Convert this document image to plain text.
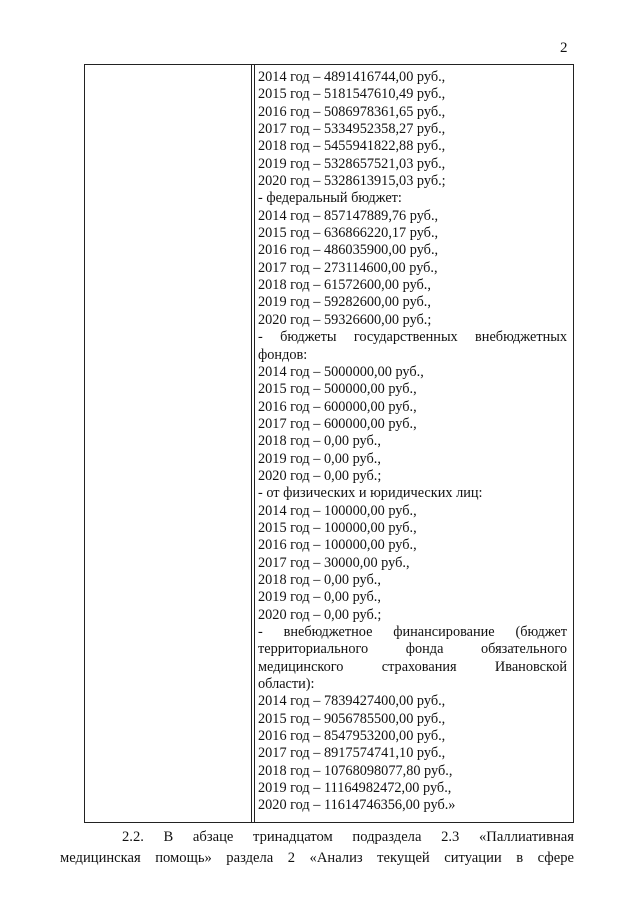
2
2014 год – 4891416744,00 руб.,
2015 год – 5181547610,49 руб.,
2016 год – 5086978361,65 руб.,
2017 год – 5334952358,27 руб.,
2018 год – 5455941822,88 руб.,
2019 год – 5328657521,03 руб.,
2020 год – 5328613915,03 руб.;
- федеральный бюджет:
2014 год – 857147889,76 руб.,
2015 год – 636866220,17 руб.,
2016 год – 486035900,00 руб.,
2017 год – 273114600,00 руб.,
2018 год – 61572600,00 руб.,
2019 год – 59282600,00 руб.,
2020 год – 59326600,00 руб.;
- бюджеты государственных внебюджетных
фондов:
2014 год – 5000000,00 руб.,
2015 год – 500000,00 руб.,
2016 год – 600000,00 руб.,
2017 год – 600000,00 руб.,
2018 год – 0,00 руб.,
2019 год – 0,00 руб.,
2020 год – 0,00 руб.;
- от физических и юридических лиц:
2014 год – 100000,00 руб.,
2015 год – 100000,00 руб.,
2016 год – 100000,00 руб.,
2017 год – 30000,00 руб.,
2018 год – 0,00 руб.,
2019 год – 0,00 руб.,
2020 год – 0,00 руб.;
- внебюджетное финансирование (бюджет
территориального фонда обязательного
медицинского страхования Ивановской
области):
2014 год – 7839427400,00 руб.,
2015 год – 9056785500,00 руб.,
2016 год – 8547953200,00 руб.,
2017 год – 8917574741,10 руб.,
2018 год – 10768098077,80 руб.,
2019 год – 11164982472,00 руб.,
2020 год – 11614746356,00 руб.»
2.2. В абзаце тринадцатом подраздела 2.3 «Паллиативная
медицинская помощь» раздела 2 «Анализ текущей ситуации в сфере
